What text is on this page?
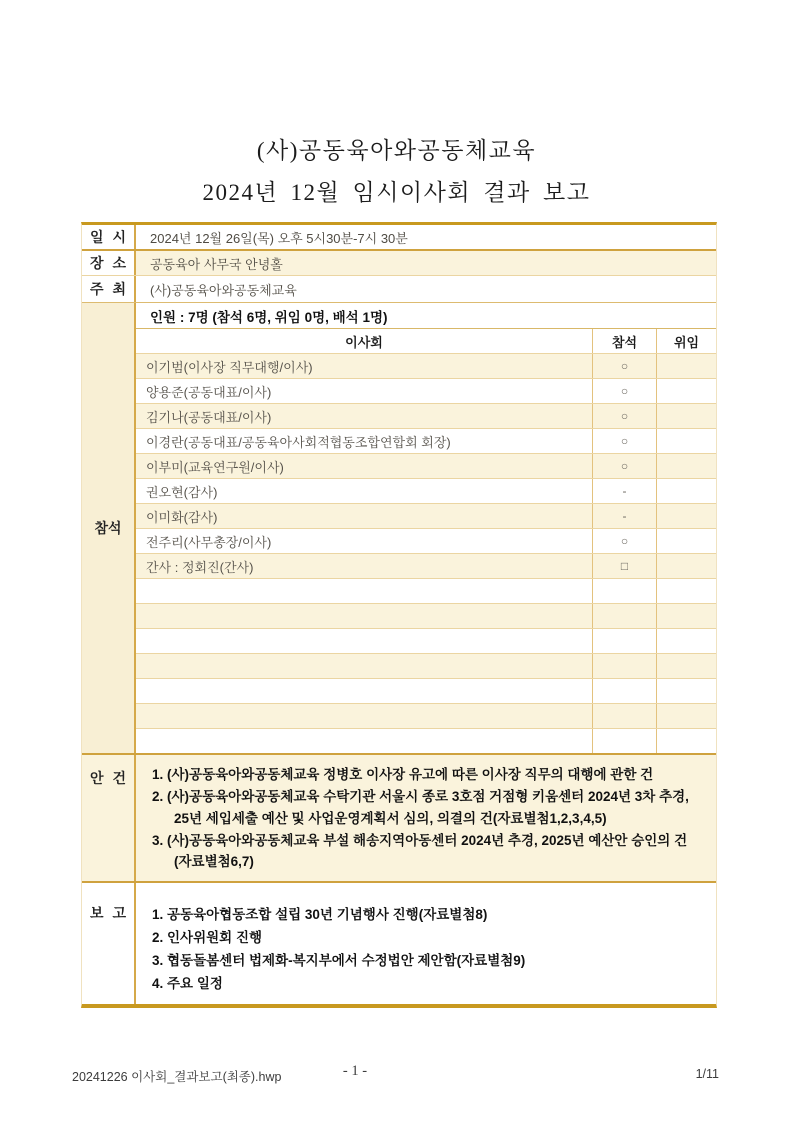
(사)공동육아와공동체교육
2024년 12월 임시이사회 결과 보고
일 시	2024년 12월 26일(목) 오후 5시30분-7시 30분
장 소	공동육아 사무국 안녕홀
주 최	(사)공동육아와공동체교육
참석
인원 : 7명 (참석 6명, 위임 0명, 배석 1명)
이사회	참석	위임
이기범(이사장 직무대행/이사)	○
양용준(공동대표/이사)	○
김기나(공동대표/이사)	○
이경란(공동대표/공동육아사회적협동조합연합회 회장)	○
이부미(교육연구원/이사)	○
권오현(감사)	-
이미화(감사)	-
전주리(사무총장/이사)	○
간사 : 정회진(간사)	□
안 건 1. (사)공동육아와공동체교육 정병호 이사장 유고에 따른 이사장 직무의 대행에 관한 건
2. (사)공동육아와공동체교육 수탁기관 서울시 종로 3호점 거점형 키움센터 2024년 3차 추경, 25년 세입세출 예산 및 사업운영계획서 심의, 의결의 건(자료별첨1,2,3,4,5)
3. (사)공동육아와공동체교육 부설 해송지역아동센터 2024년 추경, 2025년 예산안 승인의 건(자료별첨6,7)
보 고 1. 공동육아협동조합 설립 30년 기념행사 진행(자료별첨8)
2. 인사위원회 진행
3. 협동돌봄센터 법제화-복지부에서 수정법안 제안함(자료별첨9)
4. 주요 일정
20241226 이사회_결과보고(최종).hwp	- 1 -	1/11
